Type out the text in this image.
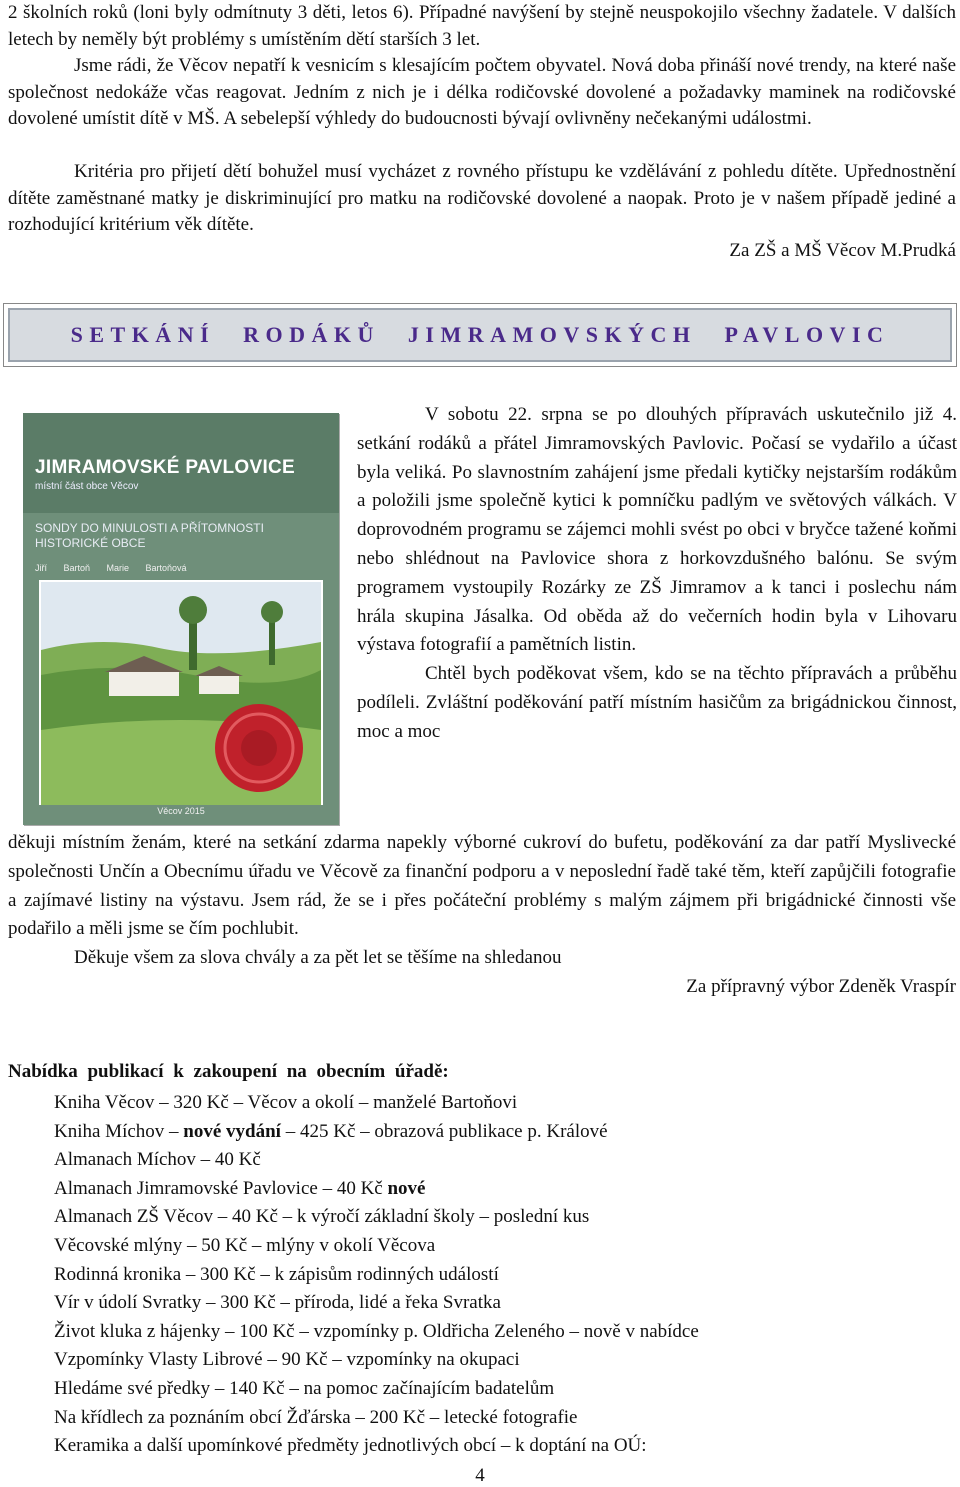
2 školních roků (loni byly odmítnuty 3 děti, letos 6). Případné navýšení by stejně neuspokojilo všechny žadatele. V dalších letech by neměly být problémy s umístěním dětí starších 3 let.

Jsme rádi, že Věcov nepatří k vesnicím s klesajícím počtem obyvatel. Nová doba přináší nové trendy, na které naše společnost nedokáže včas reagovat. Jedním z nich je i délka rodičovské dovolené a požadavky maminek na rodičovské dovolené umístit dítě v MŠ. A sebelepší výhledy do budoucnosti bývají ovlivněny nečekanými událostmi.

Kritéria pro přijetí dětí bohužel musí vycházet z rovného přístupu ke vzdělávání z pohledu dítěte. Upřednostnění dítěte zaměstnané matky je diskriminující pro matku na rodičovské dovolené a naopak. Proto je v našem případě jediné a rozhodující kritérium věk dítěte.

Za ZŠ a MŠ Věcov M.Prudká

SETKÁNÍ RODÁKŮ JIMRAMOVSKÝCH PAVLOVIC
JIMRAMOVSKÉ PAVLOVICE
místní část obce Věcov
SONDY DO MINULOSTI A PŘÍTOMNOSTI HISTORICKÉ OBCE
Jiří Bartoň Marie Bartoňová
Věcov 2015

V sobotu 22. srpna se po dlouhých přípravách uskutečnilo již 4. setkání rodáků a přátel Jimramovských Pavlovic. Počasí se vydařilo a účast byla veliká. Po slavnostním zahájení jsme předali kytičky nejstarším rodákům a položili jsme společně kytici k pomníčku padlým ve světových válkách. V doprovodném programu se zájemci mohli svést po obci v bryčce tažené koňmi nebo shlédnout na Pavlovice shora z horkovzdušného balónu. Se svým programem vystoupily Rozárky ze ZŠ Jimramov a k tanci i poslechu nám hrála skupina Jásalka. Od oběda až do večerních hodin byla v Lihovaru výstava fotografií a pamětních listin.

Chtěl bych poděkovat všem, kdo se na těchto přípravách a průběhu podíleli. Zvláštní poděkování patří místním hasičům za brigádnickou činnost, moc a moc

děkuji místním ženám, které na setkání zdarma napekly výborné cukroví do bufetu, poděkování za dar patří Myslivecké společnosti Unčín a Obecnímu úřadu ve Věcově za finanční podporu a v neposlední řadě také těm, kteří zapůjčili fotografie a zajímavé listiny na výstavu. Jsem rád, že se i přes počáteční problémy s malým zájmem při brigádnické činnosti vše podařilo a měli jsme se čím pochlubit.

Děkuje všem za slova chvály a za pět let se těšíme na shledanou

Za přípravný výbor Zdeněk Vraspír

Nabídka publikací k zakoupení na obecním úřadě:

Kniha Věcov – 320 Kč – Věcov a okolí – manželé Bartoňovi
Kniha Míchov – nové vydání – 425 Kč – obrazová publikace p. Králové
Almanach Míchov – 40 Kč
Almanach Jimramovské Pavlovice – 40 Kč nové
Almanach ZŠ Věcov – 40 Kč – k výročí základní školy – poslední kus
Věcovské mlýny – 50 Kč – mlýny v okolí Věcova
Rodinná kronika – 300 Kč – k zápisům rodinných událostí
Vír v údolí Svratky – 300 Kč – příroda, lidé a řeka Svratka
Život kluka z hájenky – 100 Kč – vzpomínky p. Oldřicha Zeleného – nově v nabídce
Vzpomínky Vlasty Librové – 90 Kč – vzpomínky na okupaci
Hledáme své předky – 140 Kč – na pomoc začínajícím badatelům
Na křídlech za poznáním obcí Žďárska – 200 Kč – letecké fotografie
Keramika a další upomínkové předměty jednotlivých obcí – k doptání na OÚ:
4
